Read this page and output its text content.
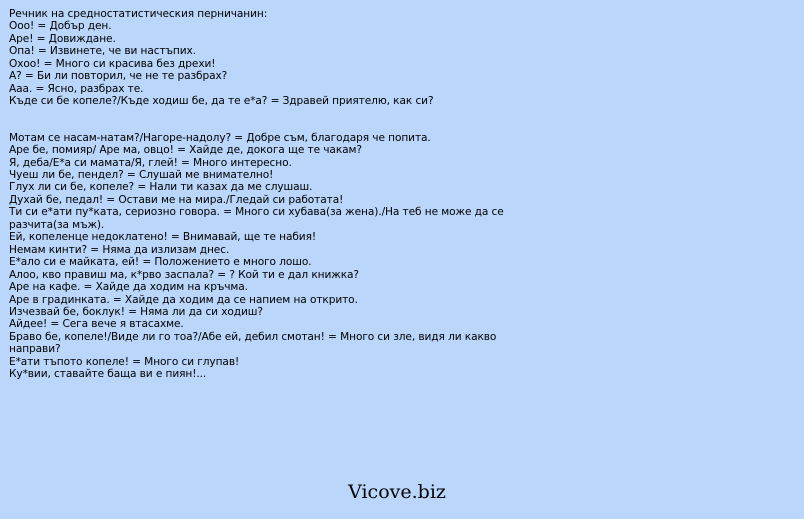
Речник на средностатистическия перничанин:
Ооо! = Добър ден.
Аре! = Довиждане.
Опа! = Извинете, че ви настъпих.
Охоо! = Много си красива без дрехи!
А? = Би ли повторил, че не те разбрах?
Ааа. = Ясно, разбрах те.
Къде си бе копеле?/Къде ходиш бе, да те е*а? = Здравей приятелю, как си?
Мотам се насам-натам?/Нагоре-надолу? = Добре съм, благодаря че попита.
Аре бе, помияр/ Аре ма, овцо! = Хайде де, докога ще те чакам?
Я, деба/Е*а си мамата/Я, глей! = Много интересно.
Чуеш ли бе, пендел? = Слушай ме внимателно!
Глух ли си бе, копеле? = Нали ти казах да ме слушаш.
Духай бе, педал! = Остави ме на мира./Гледай си работата!
Ти си е*ати пу*ката, сериозно говора. = Много си хубава(за жена)./На теб не може да се разчита(за мъж).
Ей, копеленце недоклатено! = Внимавай, ще те набия!
Немам кинти? = Няма да излизам днес.
Е*ало си е майката, ей! = Положението е много лошо.
Алоо, кво правиш ма, к*рво заспала? = ? Кой ти е дал книжка?
Аре на кафе. = Хайде да ходим на кръчма.
Аре в градинката. = Хайде да ходим да се напием на открито.
Изчезвай бе, боклук! = Няма ли да си ходиш?
Айдее! = Сега вече я втасахме.
Браво бе, копеле!/Виде ли го тоа?/Абе ей, дебил смотан! = Много си зле, видя ли какво направи?
Е*ати тъпото копеле! = Много си глупав!
Ку*вии, ставайте баща ви е пиян!...
Vicove.biz
